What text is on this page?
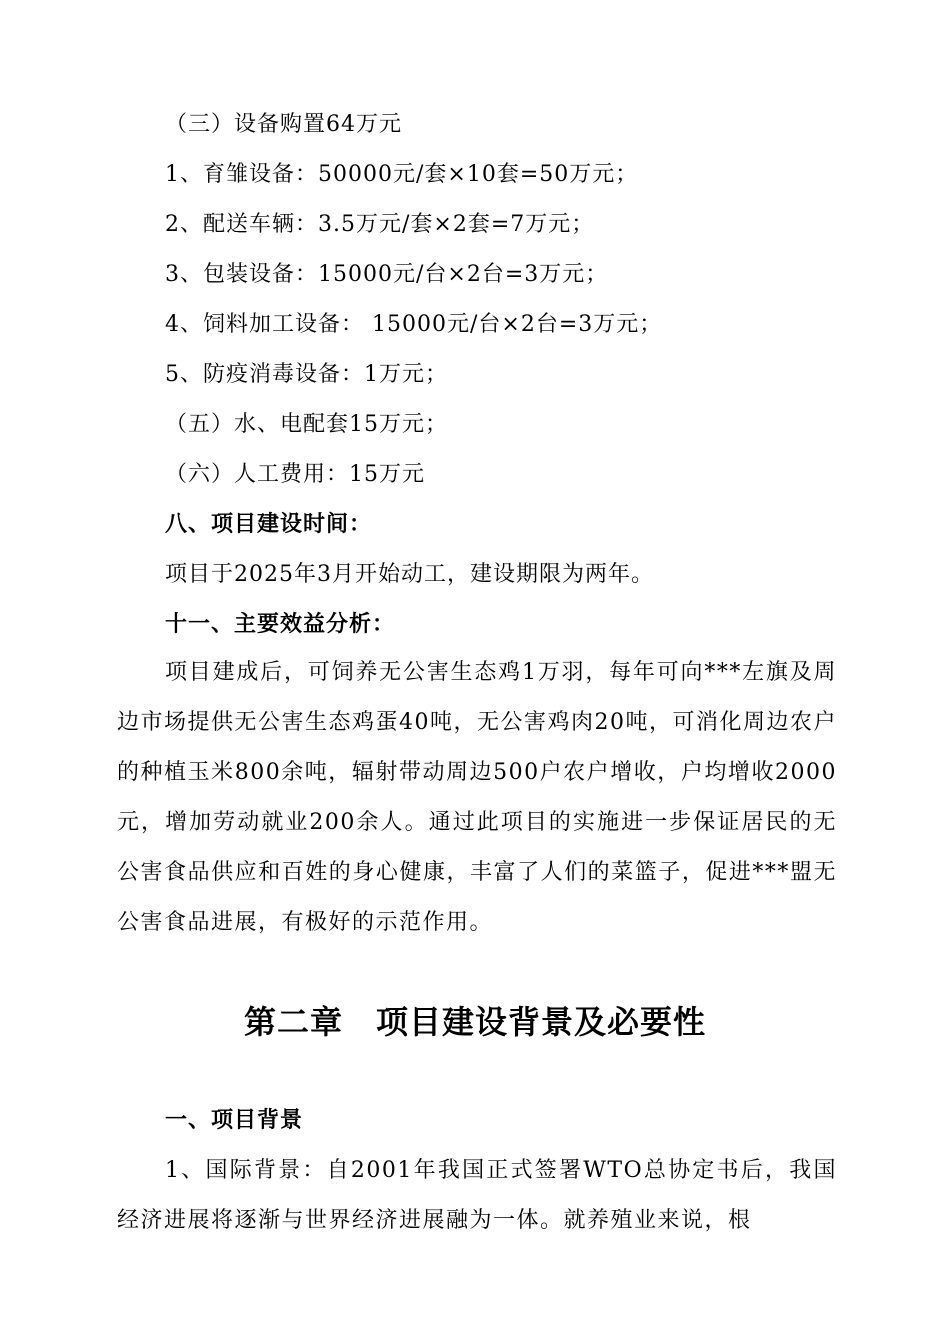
（三）设备购置64万元
1、育雏设备：50000元/套×10套=50万元；
2、配送车辆：3.5万元/套×2套=7万元；
3、包装设备：15000元/台×2台=3万元；
4、饲料加工设备： 15000元/台×2台=3万元；
5、防疫消毒设备：1万元；
（五）水、电配套15万元；
（六）人工费用：15万元
八、项目建设时间：
项目于2025年3月开始动工，建设期限为两年。
十一、主要效益分析：
项目建成后，可饲养无公害生态鸡1万羽，每年可向***左旗及周边市场提供无公害生态鸡蛋40吨，无公害鸡肉20吨，可消化周边农户的种植玉米800余吨，辐射带动周边500户农户增收，户均增收2000元，增加劳动就业200余人。通过此项目的实施进一步保证居民的无公害食品供应和百姓的身心健康，丰富了人们的菜篮子，促进***盟无公害食品进展，有极好的示范作用。
第二章　项目建设背景及必要性
一、项目背景
1、国际背景：自2001年我国正式签署WTO总协定书后，我国经济进展将逐渐与世界经济进展融为一体。就养殖业来说，根
